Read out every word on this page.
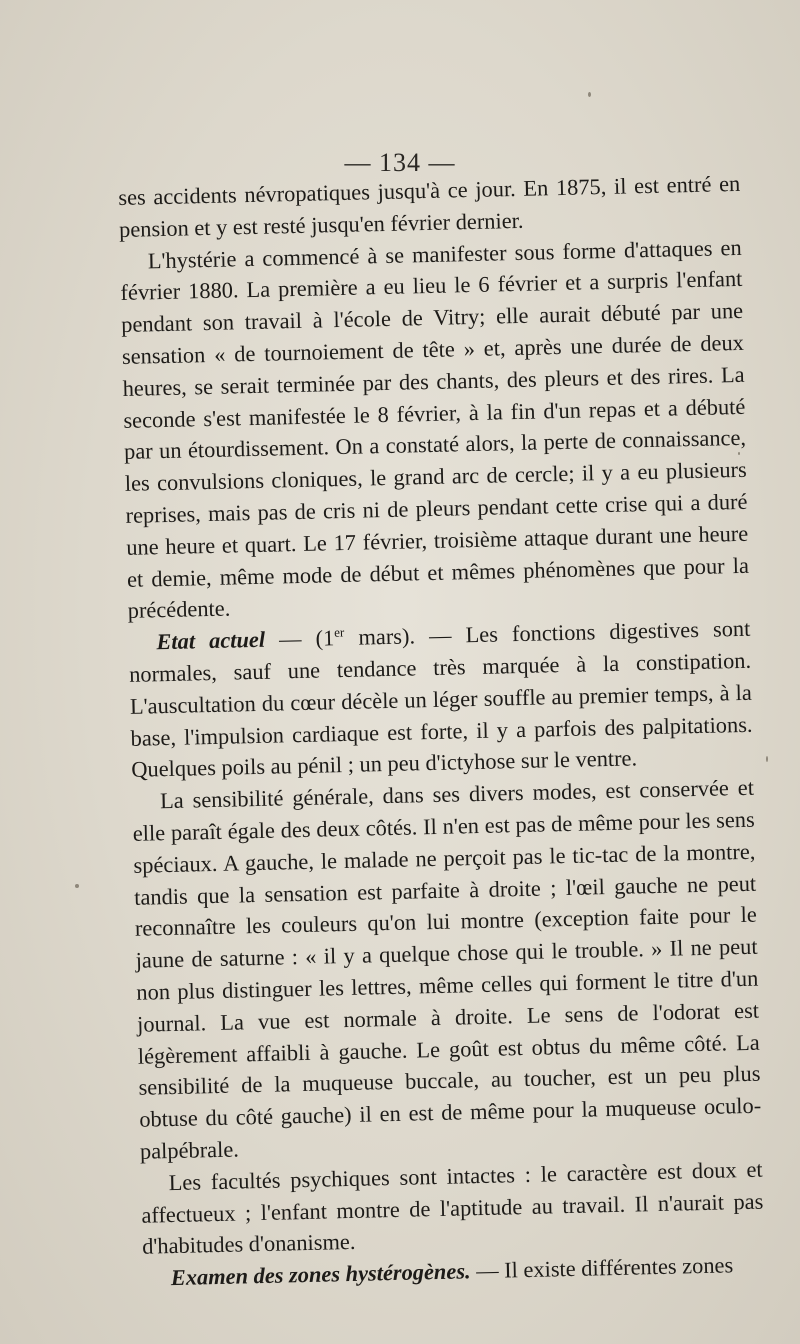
— 134 —

ses accidents névropatiques jusqu'à ce jour. En 1875, il est entré en pension et y est resté jusqu'en février dernier.

L'hystérie a commencé à se manifester sous forme d'attaques en février 1880. La première a eu lieu le 6 février et a surpris l'enfant pendant son travail à l'école de Vitry; elle aurait débuté par une sensation « de tournoiement de tête » et, après une durée de deux heures, se serait terminée par des chants, des pleurs et des rires. La seconde s'est manifestée le 8 février, à la fin d'un repas et a débuté par un étourdissement. On a constaté alors, la perte de connaissance, les convulsions cloniques, le grand arc de cercle; il y a eu plusieurs reprises, mais pas de cris ni de pleurs pendant cette crise qui a duré une heure et quart. Le 17 février, troisième attaque durant une heure et demie, même mode de début et mêmes phénomènes que pour la précédente.

Etat actuel — (1er mars). — Les fonctions digestives sont normales, sauf une tendance très marquée à la constipation. L'auscultation du cœur décèle un léger souffle au premier temps, à la base, l'impulsion cardiaque est forte, il y a parfois des palpitations. Quelques poils au pénil ; un peu d'ictyhose sur le ventre.

La sensibilité générale, dans ses divers modes, est conservée et elle paraît égale des deux côtés. Il n'en est pas de même pour les sens spéciaux. A gauche, le malade ne perçoit pas le tic-tac de la montre, tandis que la sensation est parfaite à droite ; l'œil gauche ne peut reconnaître les couleurs qu'on lui montre (exception faite pour le jaune de saturne : « il y a quelque chose qui le trouble. » Il ne peut non plus distinguer les lettres, même celles qui forment le titre d'un journal. La vue est normale à droite. Le sens de l'odorat est légèrement affaibli à gauche. Le goût est obtus du même côté. La sensibilité de la muqueuse buccale, au toucher, est un peu plus obtuse du côté gauche) il en est de même pour la muqueuse oculo-palpébrale.

Les facultés psychiques sont intactes : le caractère est doux et affectueux ; l'enfant montre de l'aptitude au travail. Il n'aurait pas d'habitudes d'onanisme.

Examen des zones hystérogènes. — Il existe différentes zones
